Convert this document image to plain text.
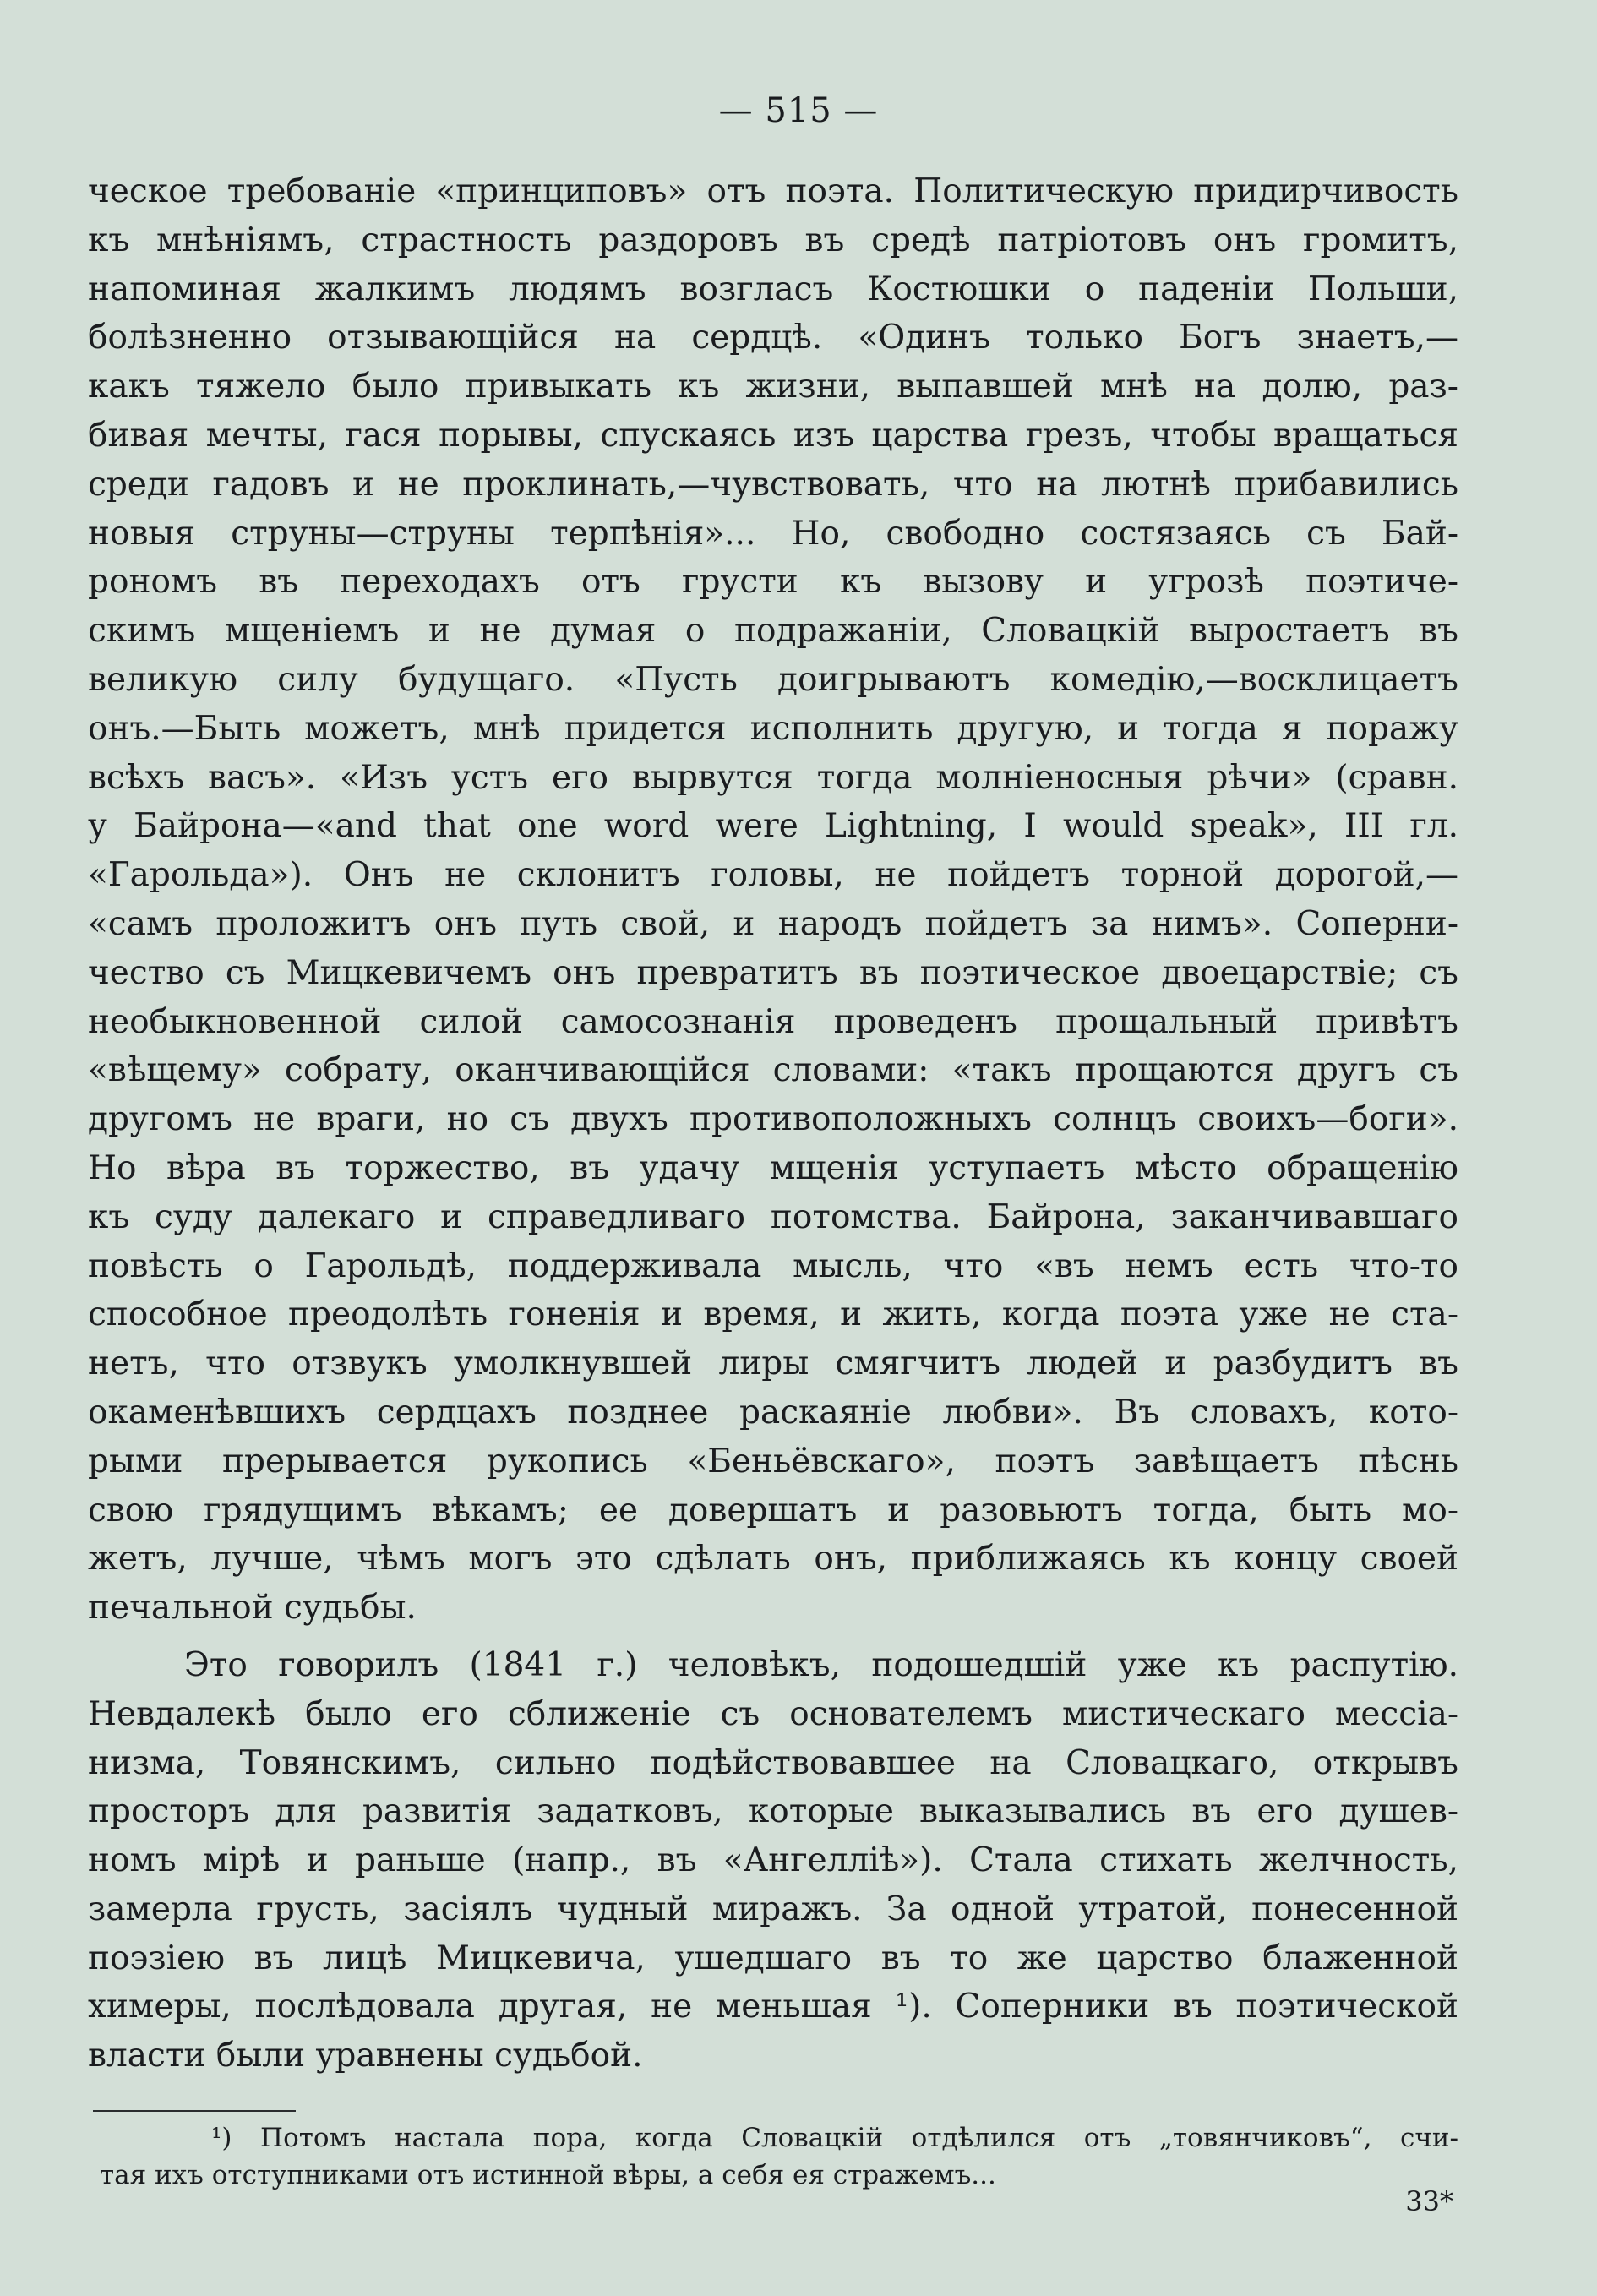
— 515 —
ческое требованіе «принциповъ» отъ поэта. Политическую придирчивость
къ мнѣніямъ, страстность раздоровъ въ средѣ патріотовъ онъ громитъ,
напоминая жалкимъ людямъ возгласъ Костюшки о паденіи Польши,
болѣзненно отзывающійся на сердцѣ. «Одинъ только Богъ знаетъ,—
какъ тяжело было привыкать къ жизни, выпавшей мнѣ на долю, раз-
бивая мечты, гася порывы, спускаясь изъ царства грезъ, чтобы вращаться
среди гадовъ и не проклинать,—чувствовать, что на лютнѣ прибавились
новыя струны—струны терпѣнія»... Но, свободно состязаясь съ Бай-
рономъ въ переходахъ отъ грусти къ вызову и угрозѣ поэтиче-
скимъ мщеніемъ и не думая о подражаніи, Словацкій выростаетъ въ
великую силу будущаго. «Пусть доигрываютъ комедію,—восклицаетъ
онъ.—Быть можетъ, мнѣ придется исполнить другую, и тогда я поражу
всѣхъ васъ». «Изъ устъ его вырвутся тогда молніеносныя рѣчи» (сравн.
у Байрона—«and that one word were Lightning, I would speak», III гл.
«Гарольда»). Онъ не склонитъ головы, не пойдетъ торной дорогой,—
«самъ проложитъ онъ путь свой, и народъ пойдетъ за нимъ». Соперни-
чество съ Мицкевичемъ онъ превратитъ въ поэтическое двоецарствіе; съ
необыкновенной силой самосознанія проведенъ прощальный привѣтъ
«вѣщему» собрату, оканчивающійся словами: «такъ прощаются другъ съ
другомъ не враги, но съ двухъ противоположныхъ солнцъ своихъ—боги».
Но вѣра въ торжество, въ удачу мщенія уступаетъ мѣсто обращенію
къ суду далекаго и справедливаго потомства. Байрона, заканчивавшаго
повѣсть о Гарольдѣ, поддерживала мысль, что «въ немъ есть что-то
способное преодолѣть гоненія и время, и жить, когда поэта уже не ста-
нетъ, что отзвукъ умолкнувшей лиры смягчитъ людей и разбудитъ въ
окаменѣвшихъ сердцахъ позднее раскаяніе любви». Въ словахъ, кото-
рыми прерывается рукопись «Беньёвскаго», поэтъ завѣщаетъ пѣснь
свою грядущимъ вѣкамъ; ее довершатъ и разовьютъ тогда, быть мо-
жетъ, лучше, чѣмъ могъ это сдѣлать онъ, приближаясь къ концу своей
печальной судьбы.
Это говорилъ (1841 г.) человѣкъ, подошедшій уже къ распутію.
Невдалекѣ было его сближеніе съ основателемъ мистическаго мессіа-
низма, Товянскимъ, сильно подѣйствовавшее на Словацкаго, открывъ
просторъ для развитія задатковъ, которые выказывались въ его душев-
номъ мірѣ и раньше (напр., въ «Ангеллiѣ»). Стала стихать желчность,
замерла грусть, засіялъ чудный миражъ. За одной утратой, понесенной
поэзіею въ лицѣ Мицкевича, ушедшаго въ то же царство блаженной
химеры, послѣдовала другая, не меньшая ¹). Соперники въ поэтической
власти были уравнены судьбой.
¹) Потомъ настала пора, когда Словацкій отдѣлился отъ „товянчиковъ“, счи-
тая ихъ отступниками отъ истинной вѣры, а себя ея стражемъ...
33*
